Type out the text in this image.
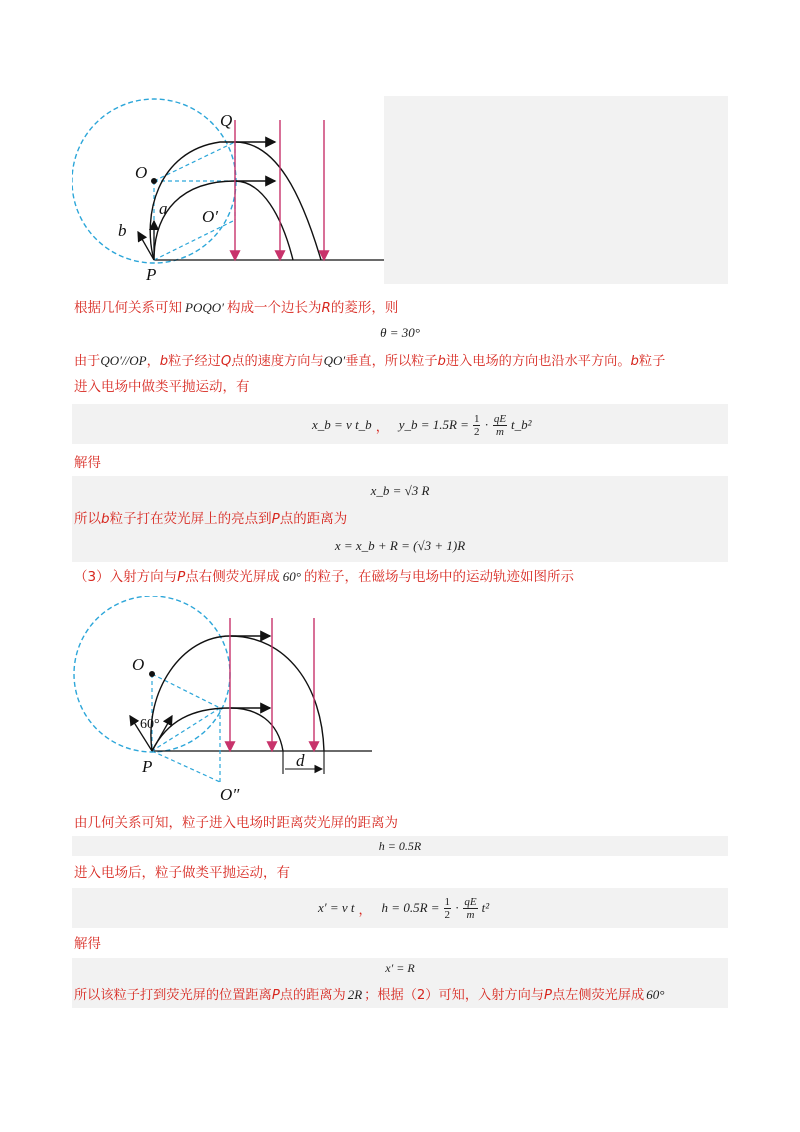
Q
O
O′
a
b
P
根据几何关系可知 POQO′ 构成一个边长为R的菱形，则
θ = 30°
由于QO′//OP，b粒子经过Q点的速度方向与QO′垂直，所以粒子b进入电场的方向也沿水平方向。b粒子
进入电场中做类平抛运动，有
x_b = v t_b ， y_b = $1.5R = \frac{1}{2} \cdot \frac{qE}{m}$ t_b²
解得
x_b = √3 R
所以b粒子打在荧光屏上的亮点到P点的距离为
x = x_b + R = (√3 + 1)R
（3）入射方向与P点右侧荧光屏成 60° 的粒子，在磁场与电场中的运动轨迹如图所示
O
60°
P
O″
d
由几何关系可知，粒子进入电场时距离荧光屏的距离为
h = 0.5R
进入电场后，粒子做类平抛运动，有
x′ = v t ， $h = 0.5R = \frac{1}{2} \cdot \frac{qE}{m} t^2$
解得
x′ = R
所以该粒子打到荧光屏的位置距离P点的距离为 2R ；根据（2）可知，入射方向与P点左侧荧光屏成 60°
